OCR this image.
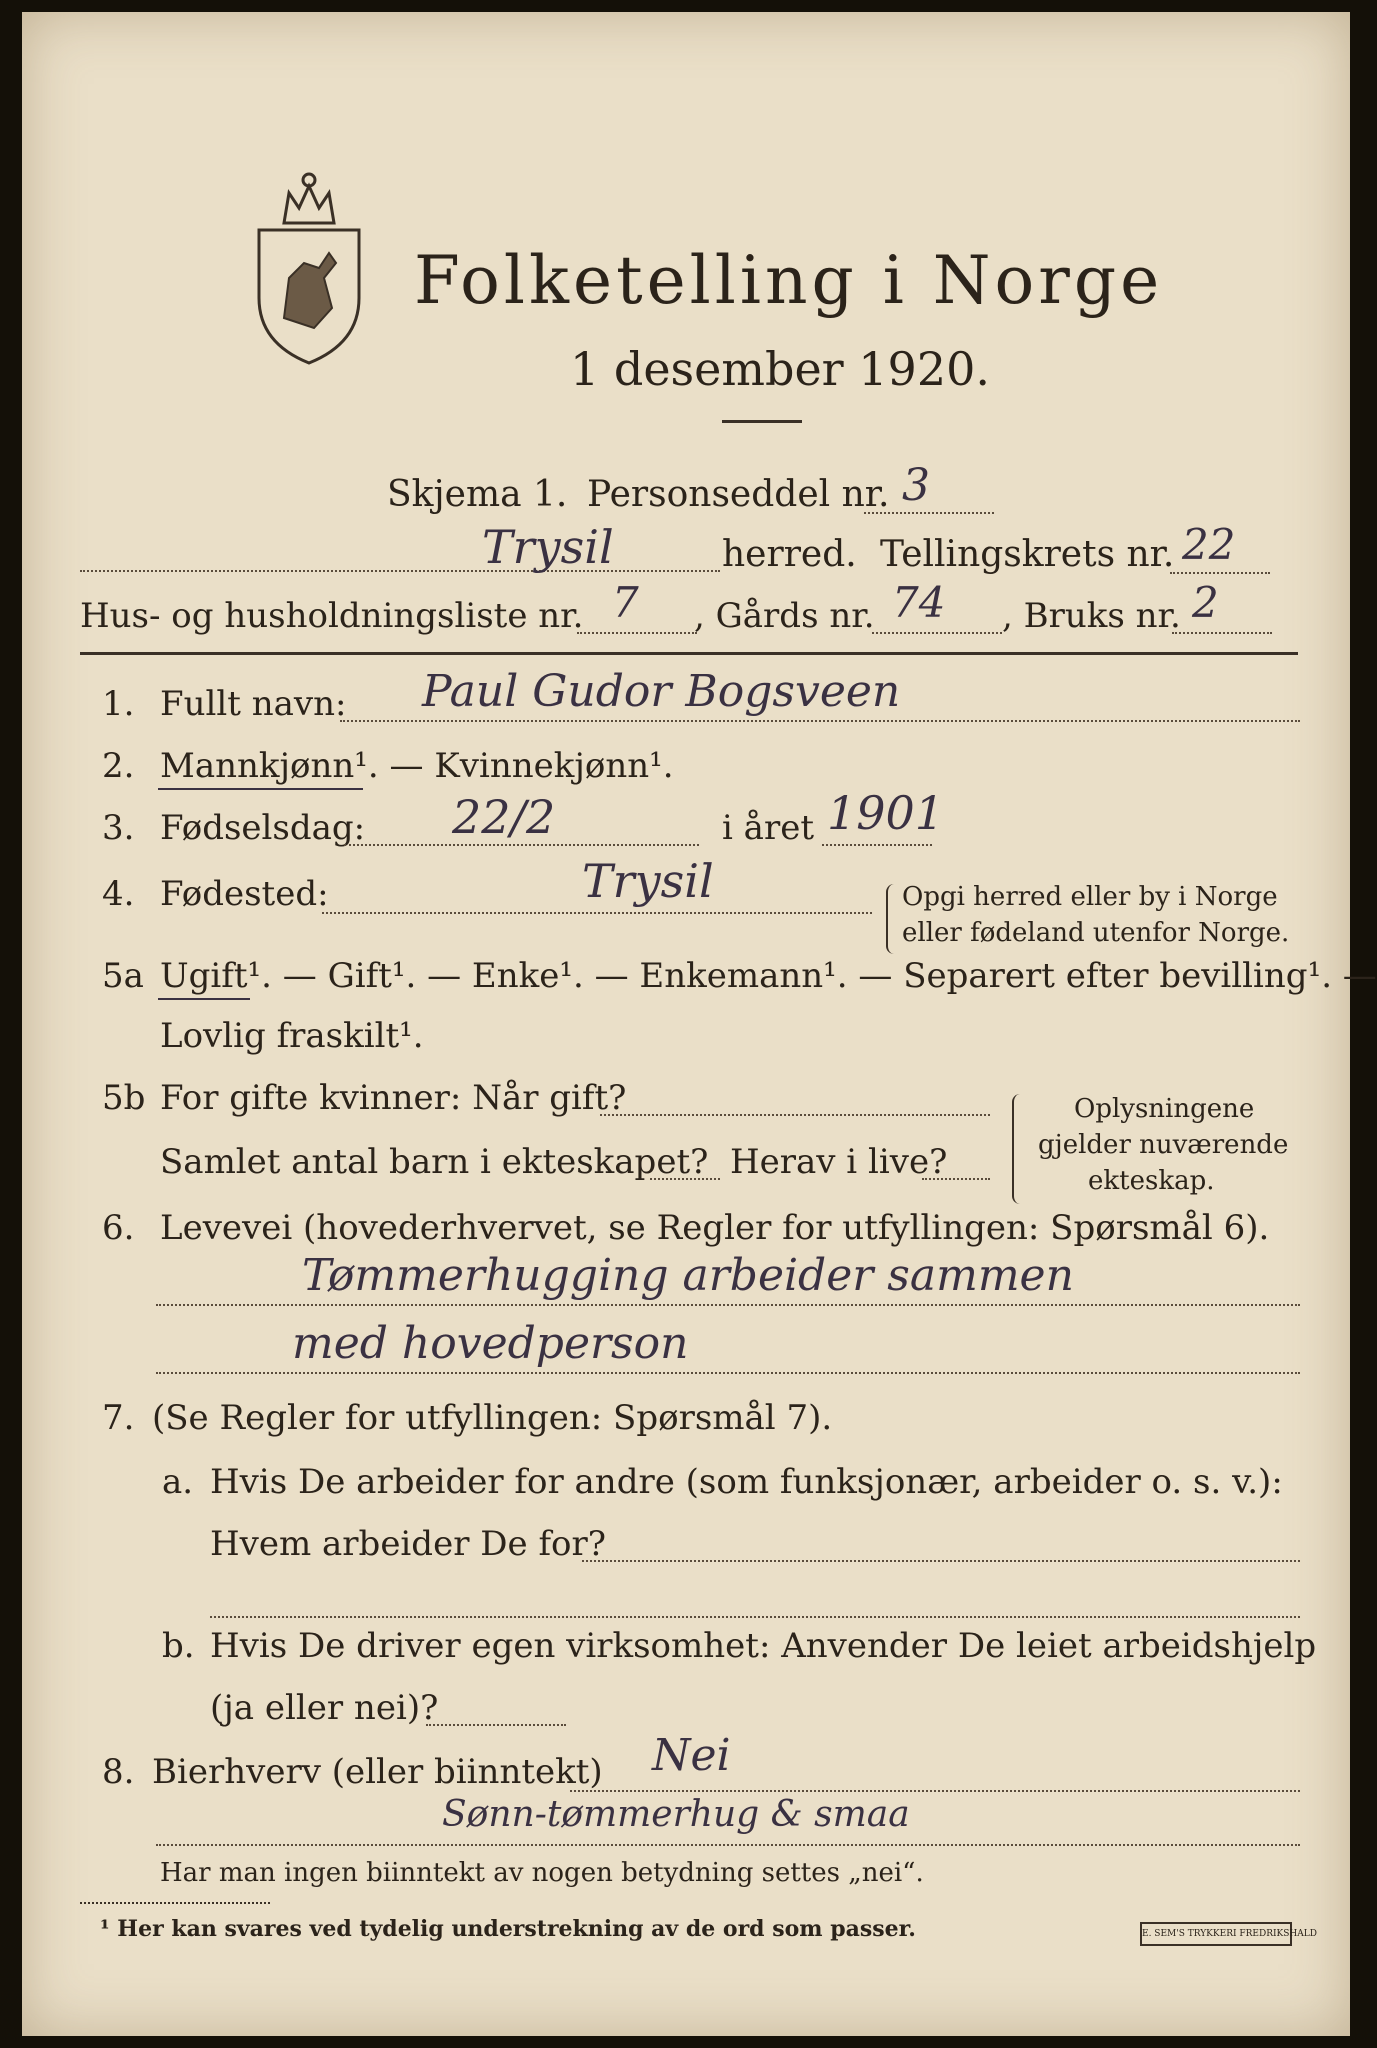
Folketelling i Norge
1 desember 1920.
Skjema 1. Personseddel nr. 3
Trysil	herred. Tellingskrets nr. 22
Hus- og husholdningsliste nr. 7 , Gårds nr. 74 , Bruks nr. 2
1. Fullt navn: Paul Gudor Bogsveen
2. Mannkjønn¹. — Kvinnekjønn¹.
3. Fødselsdag: 22/2	i året 1901
4. Fødested:	Trysil	Opgi herred eller by i Norge
eller fødeland utenfor Norge.
5a Ugift¹. — Gift¹. — Enke¹. — Enkemann¹. — Separert efter bevilling¹. —
Lovlig fraskilt¹.
5b For gifte kvinner: Når gift?
Samlet antal barn i ekteskapet? Herav i live?
Oplysningene
gjelder nuværende
ekteskap.
6. Levevei (hovederhvervet, se Regler for utfyllingen: Spørsmål 6).
Tømmerhugging arbeider sammen
med hovedperson
7. (Se Regler for utfyllingen: Spørsmål 7).
a. Hvis De arbeider for andre (som funksjonær, arbeider o. s. v.):
Hvem arbeider De for?
b. Hvis De driver egen virksomhet: Anvender De leiet arbeidshjelp
(ja eller nei)?
8. Bierhverv (eller biinntekt) Nei
Sønn-tømmerhug & smaa
Har man ingen biinntekt av nogen betydning settes „nei“.
¹ Her kan svares ved tydelig understrekning av de ord som passer.	E. SEM'S TRYKKERI FREDRIKSHALD
